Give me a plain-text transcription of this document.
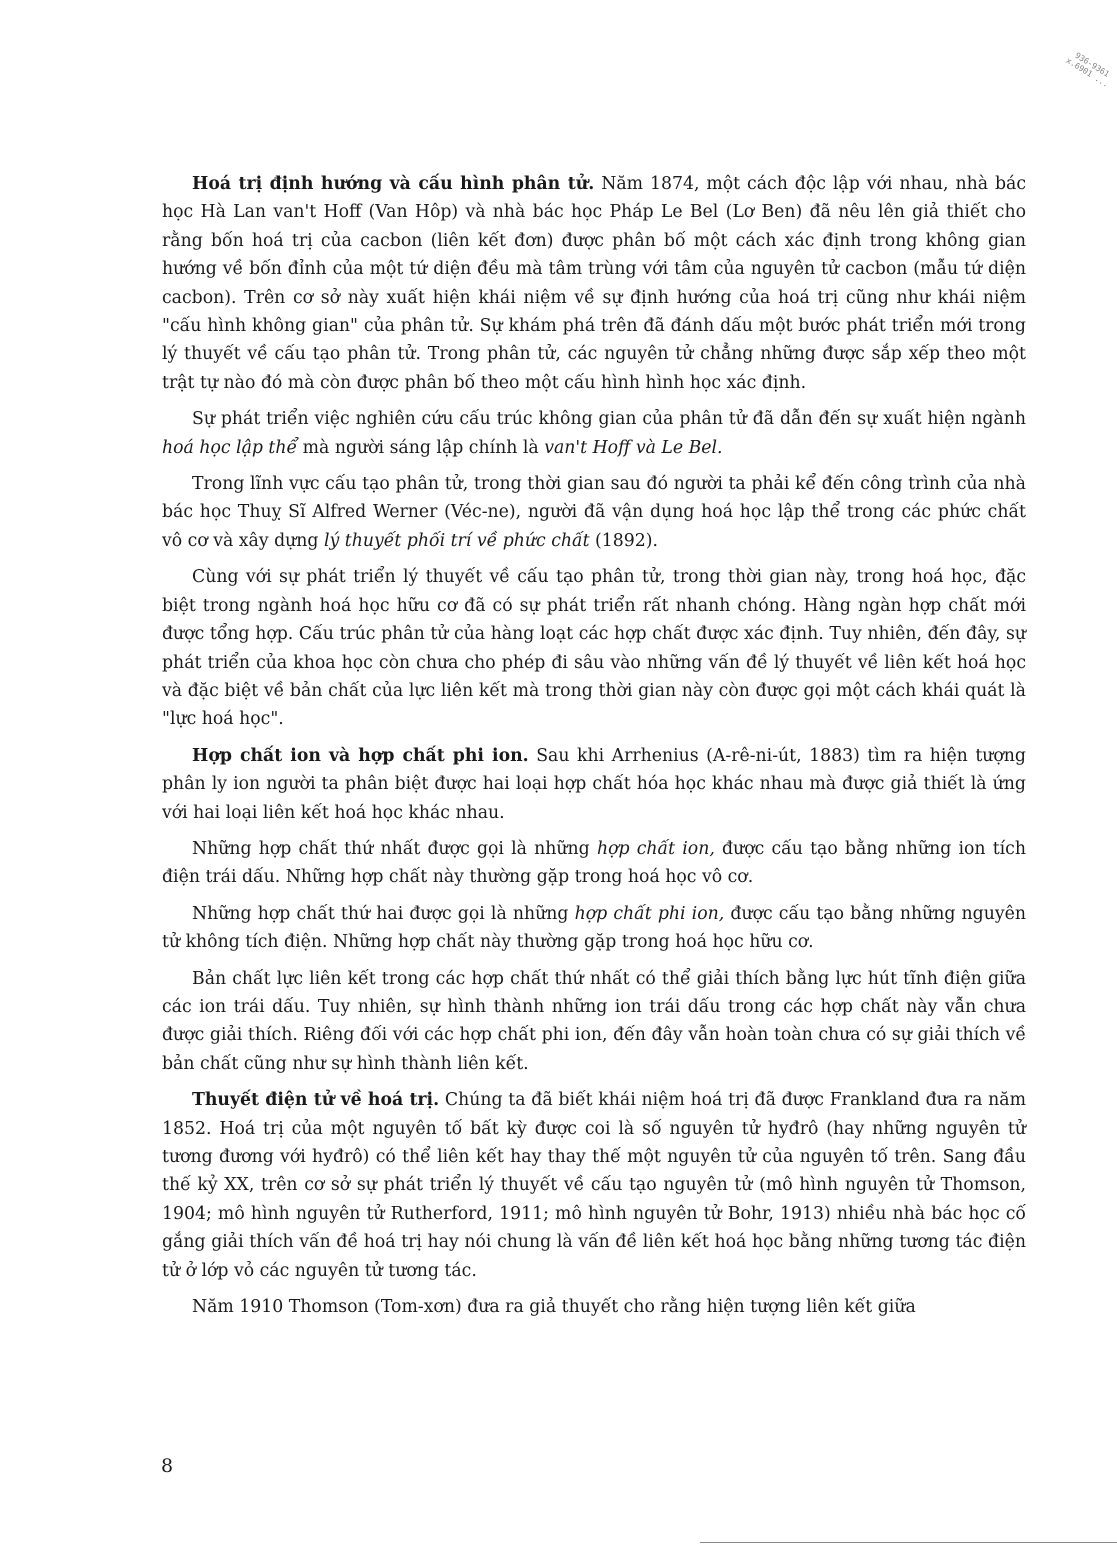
936-9361 x.6901 ...

Hoá trị định hướng và cấu hình phân tử. Năm 1874, một cách độc lập với nhau, nhà bác học Hà Lan van't Hoff (Van Hôp) và nhà bác học Pháp Le Bel (Lơ Ben) đã nêu lên giả thiết cho rằng bốn hoá trị của cacbon (liên kết đơn) được phân bố một cách xác định trong không gian hướng về bốn đỉnh của một tứ diện đều mà tâm trùng với tâm của nguyên tử cacbon (mẫu tứ diện cacbon). Trên cơ sở này xuất hiện khái niệm về sự định hướng của hoá trị cũng như khái niệm "cấu hình không gian" của phân tử. Sự khám phá trên đã đánh dấu một bước phát triển mới trong lý thuyết về cấu tạo phân tử. Trong phân tử, các nguyên tử chẳng những được sắp xếp theo một trật tự nào đó mà còn được phân bố theo một cấu hình hình học xác định.

Sự phát triển việc nghiên cứu cấu trúc không gian của phân tử đã dẫn đến sự xuất hiện ngành hoá học lập thể mà người sáng lập chính là van't Hoff và Le Bel.

Trong lĩnh vực cấu tạo phân tử, trong thời gian sau đó người ta phải kể đến công trình của nhà bác học Thuỵ Sĩ Alfred Werner (Véc-ne), người đã vận dụng hoá học lập thể trong các phức chất vô cơ và xây dựng lý thuyết phối trí về phức chất (1892).

Cùng với sự phát triển lý thuyết về cấu tạo phân tử, trong thời gian này, trong hoá học, đặc biệt trong ngành hoá học hữu cơ đã có sự phát triển rất nhanh chóng. Hàng ngàn hợp chất mới được tổng hợp. Cấu trúc phân tử của hàng loạt các hợp chất được xác định. Tuy nhiên, đến đây, sự phát triển của khoa học còn chưa cho phép đi sâu vào những vấn đề lý thuyết về liên kết hoá học và đặc biệt về bản chất của lực liên kết mà trong thời gian này còn được gọi một cách khái quát là "lực hoá học".

Hợp chất ion và hợp chất phi ion. Sau khi Arrhenius (A-rê-ni-út, 1883) tìm ra hiện tượng phân ly ion người ta phân biệt được hai loại hợp chất hóa học khác nhau mà được giả thiết là ứng với hai loại liên kết hoá học khác nhau.

Những hợp chất thứ nhất được gọi là những hợp chất ion, được cấu tạo bằng những ion tích điện trái dấu. Những hợp chất này thường gặp trong hoá học vô cơ.

Những hợp chất thứ hai được gọi là những hợp chất phi ion, được cấu tạo bằng những nguyên tử không tích điện. Những hợp chất này thường gặp trong hoá học hữu cơ.

Bản chất lực liên kết trong các hợp chất thứ nhất có thể giải thích bằng lực hút tĩnh điện giữa các ion trái dấu. Tuy nhiên, sự hình thành những ion trái dấu trong các hợp chất này vẫn chưa được giải thích. Riêng đối với các hợp chất phi ion, đến đây vẫn hoàn toàn chưa có sự giải thích về bản chất cũng như sự hình thành liên kết.

Thuyết điện tử về hoá trị. Chúng ta đã biết khái niệm hoá trị đã được Frankland đưa ra năm 1852. Hoá trị của một nguyên tố bất kỳ được coi là số nguyên tử hyđrô (hay những nguyên tử tương đương với hyđrô) có thể liên kết hay thay thế một nguyên tử của nguyên tố trên. Sang đầu thế kỷ XX, trên cơ sở sự phát triển lý thuyết về cấu tạo nguyên tử (mô hình nguyên tử Thomson, 1904; mô hình nguyên tử Rutherford, 1911; mô hình nguyên tử Bohr, 1913) nhiều nhà bác học cố gắng giải thích vấn đề hoá trị hay nói chung là vấn đề liên kết hoá học bằng những tương tác điện tử ở lớp vỏ các nguyên tử tương tác.

Năm 1910 Thomson (Tom-xơn) đưa ra giả thuyết cho rằng hiện tượng liên kết giữa

8
